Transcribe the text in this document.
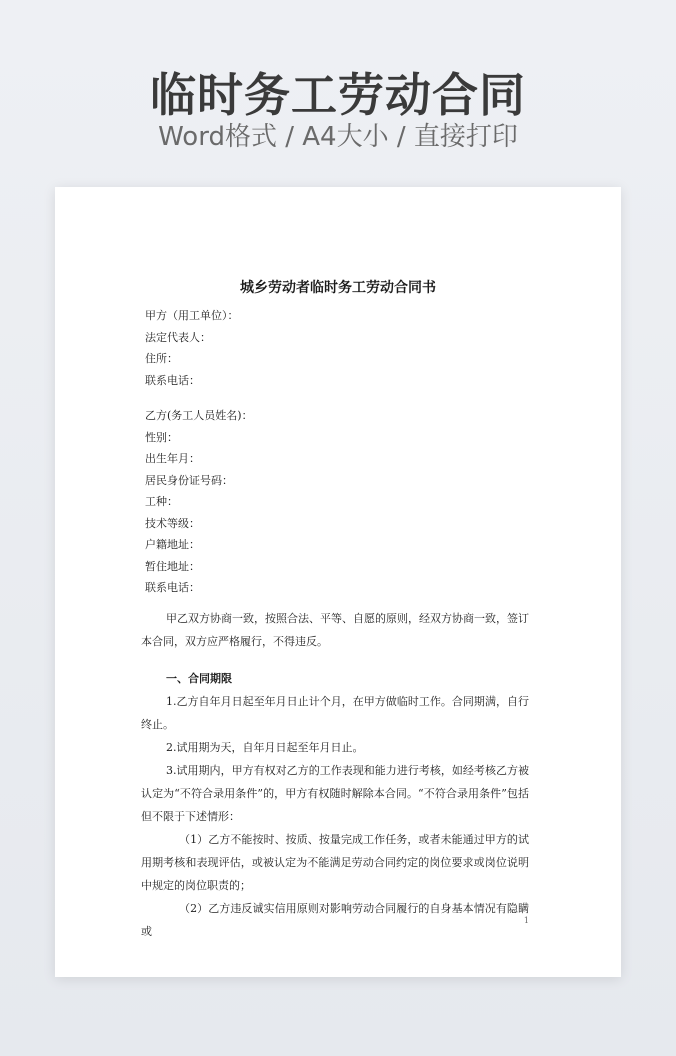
临时务工劳动合同
Word格式 / A4大小 / 直接打印
城乡劳动者临时务工劳动合同书
甲方（用工单位）：
法定代表人：
住所：
联系电话：
乙方(务工人员姓名)：
性别：
出生年月：
居民身份证号码：
工种：
技术等级：
户籍地址：
暂住地址：
联系电话：

甲乙双方协商一致，按照合法、平等、自愿的原则，经双方协商一致，签订本合同，双方应严格履行，不得违反。

一、合同期限

1.乙方自年月日起至年月日止计个月，在甲方做临时工作。合同期满，自行终止。

2.试用期为天，自年月日起至年月日止。

3.试用期内，甲方有权对乙方的工作表现和能力进行考核，如经考核乙方被认定为“不符合录用条件”的，甲方有权随时解除本合同。“不符合录用条件”包括但不限于下述情形：

（1）乙方不能按时、按质、按量完成工作任务，或者未能通过甲方的试用期考核和表现评估，或被认定为不能满足劳动合同约定的岗位要求或岗位说明中规定的岗位职责的；

（2）乙方违反诚实信用原则对影响劳动合同履行的自身基本情况有隐瞒或

1
